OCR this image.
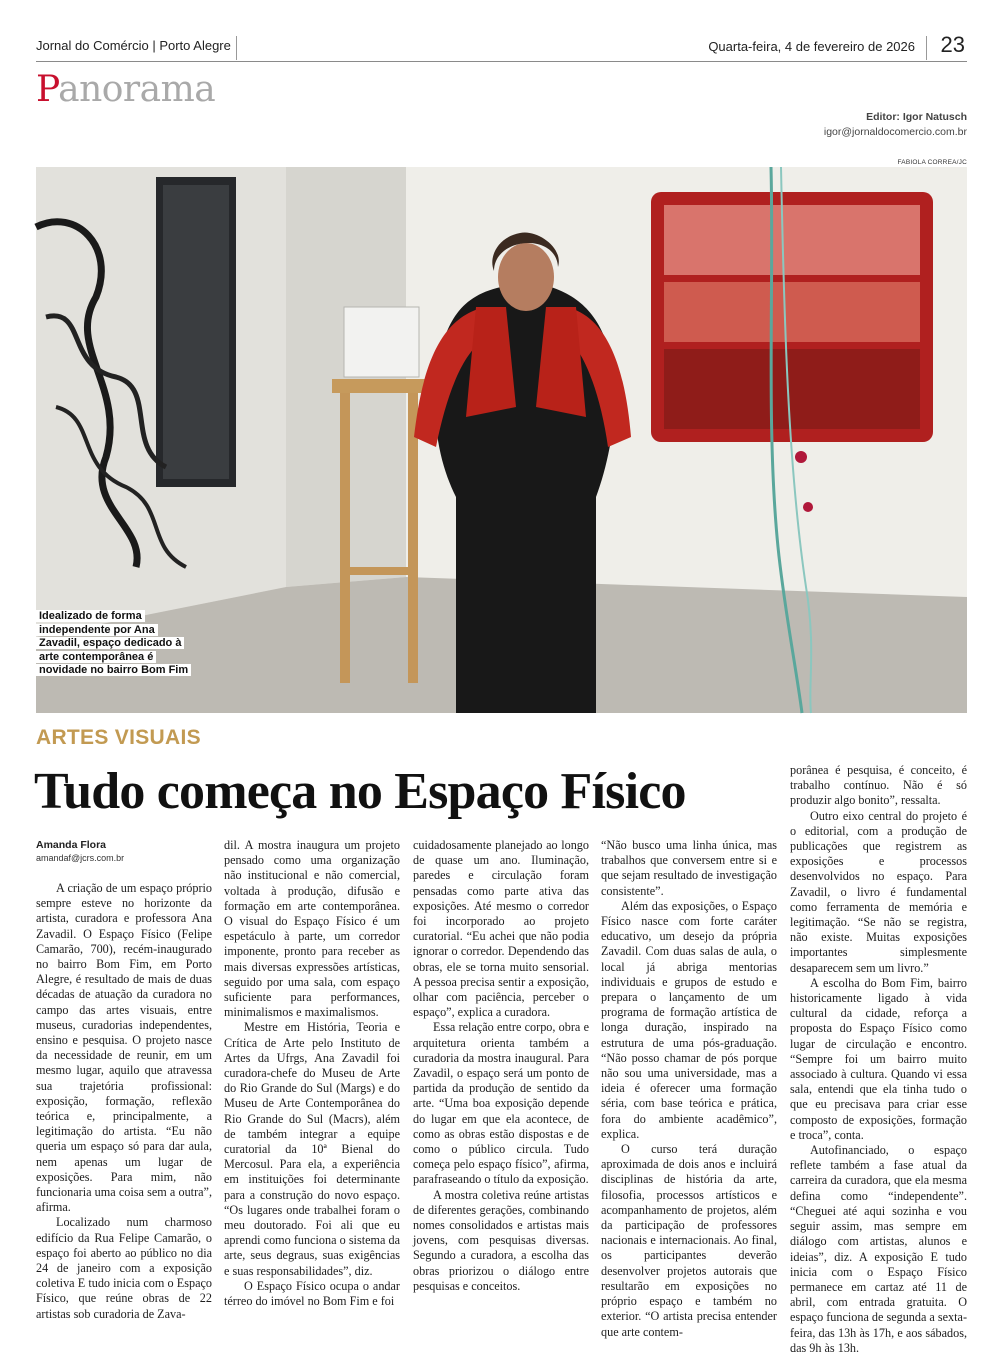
Jornal do Comércio | Porto Alegre	Quarta-feira, 4 de fevereiro de 2026 23
Panorama
Editor: Igor Natusch
igor@jornaldocomercio.com.br
FABIOLA CORREA/JC
Idealizado de forma independente por Ana Zavadil, espaço dedicado à arte contemporânea é novidade no bairro Bom Fim
ARTES VISUAIS
Tudo começa no Espaço Físico
Amanda Flora
amandaf@jcrs.com.br

A criação de um espaço próprio sempre esteve no horizonte da artista, curadora e professora Ana Zavadil. O Espaço Físico (Felipe Camarão, 700), recém-inaugurado no bairro Bom Fim, em Porto Alegre, é resultado de mais de duas décadas de atuação da curadora no campo das artes visuais, entre museus, curadorias independentes, ensino e pesquisa. O projeto nasce da necessidade de reunir, em um mesmo lugar, aquilo que atravessa sua trajetória profissional: exposição, formação, reflexão teórica e, principalmente, a legitimação do artista. “Eu não queria um espaço só para dar aula, nem apenas um lugar de exposições. Para mim, não funcionaria uma coisa sem a outra”, afirma.

Localizado num charmoso edifício da Rua Felipe Camarão, o espaço foi aberto ao público no dia 24 de janeiro com a exposição coletiva E tudo inicia com o Espaço Físico, que reúne obras de 22 artistas sob curadoria de Zava-

dil. A mostra inaugura um projeto pensado como uma organização não institucional e não comercial, voltada à produção, difusão e formação em arte contemporânea. O visual do Espaço Físico é um espetáculo à parte, um corredor imponente, pronto para receber as mais diversas expressões artísticas, seguido por uma sala, com espaço suficiente para performances, minimalismos e maximalismos.

Mestre em História, Teoria e Crítica de Arte pelo Instituto de Artes da Ufrgs, Ana Zavadil foi curadora-chefe do Museu de Arte do Rio Grande do Sul (Margs) e do Museu de Arte Contemporânea do Rio Grande do Sul (Macrs), além de também integrar a equipe curatorial da 10ª Bienal do Mercosul. Para ela, a experiência em instituições foi determinante para a construção do novo espaço. “Os lugares onde trabalhei foram o meu doutorado. Foi ali que eu aprendi como funciona o sistema da arte, seus degraus, suas exigências e suas responsabilidades”, diz.

O Espaço Físico ocupa o andar térreo do imóvel no Bom Fim e foi

cuidadosamente planejado ao longo de quase um ano. Iluminação, paredes e circulação foram pensadas como parte ativa das exposições. Até mesmo o corredor foi incorporado ao projeto curatorial. “Eu achei que não podia ignorar o corredor. Dependendo das obras, ele se torna muito sensorial. A pessoa precisa sentir a exposição, olhar com paciência, perceber o espaço”, explica a curadora.

Essa relação entre corpo, obra e arquitetura orienta também a curadoria da mostra inaugural. Para Zavadil, o espaço será um ponto de partida da produção de sentido da arte. “Uma boa exposição depende do lugar em que ela acontece, de como as obras estão dispostas e de como o público circula. Tudo começa pelo espaço físico”, afirma, parafraseando o título da exposição.

A mostra coletiva reúne artistas de diferentes gerações, combinando nomes consolidados e artistas mais jovens, com pesquisas diversas. Segundo a curadora, a escolha das obras priorizou o diálogo entre pesquisas e conceitos.

“Não busco uma linha única, mas trabalhos que conversem entre si e que sejam resultado de investigação consistente”.

Além das exposições, o Espaço Físico nasce com forte caráter educativo, um desejo da própria Zavadil. Com duas salas de aula, o local já abriga mentorias individuais e grupos de estudo e prepara o lançamento de um programa de formação artística de longa duração, inspirado na estrutura de uma pós-graduação. “Não posso chamar de pós porque não sou uma universidade, mas a ideia é oferecer uma formação séria, com base teórica e prática, fora do ambiente acadêmico”, explica.

O curso terá duração aproximada de dois anos e incluirá disciplinas de história da arte, filosofia, processos artísticos e acompanhamento de projetos, além da participação de professores nacionais e internacionais. Ao final, os participantes deverão desenvolver projetos autorais que resultarão em exposições no próprio espaço e também no exterior. “O artista precisa entender que arte contem-

porânea é pesquisa, é conceito, é trabalho contínuo. Não é só produzir algo bonito”, ressalta.

Outro eixo central do projeto é o editorial, com a produção de publicações que registrem as exposições e processos desenvolvidos no espaço. Para Zavadil, o livro é fundamental como ferramenta de memória e legitimação. “Se não se registra, não existe. Muitas exposições importantes simplesmente desaparecem sem um livro.”

A escolha do Bom Fim, bairro historicamente ligado à vida cultural da cidade, reforça a proposta do Espaço Físico como lugar de circulação e encontro. “Sempre foi um bairro muito associado à cultura. Quando vi essa sala, entendi que ela tinha tudo o que eu precisava para criar esse composto de exposições, formação e troca”, conta.

Autofinanciado, o espaço reflete também a fase atual da carreira da curadora, que ela mesma defina como “independente”. “Cheguei até aqui sozinha e vou seguir assim, mas sempre em diálogo com artistas, alunos e ideias”, diz. A exposição E tudo inicia com o Espaço Físico permanece em cartaz até 11 de abril, com entrada gratuita. O espaço funciona de segunda a sexta-feira, das 13h às 17h, e aos sábados, das 9h às 13h.
